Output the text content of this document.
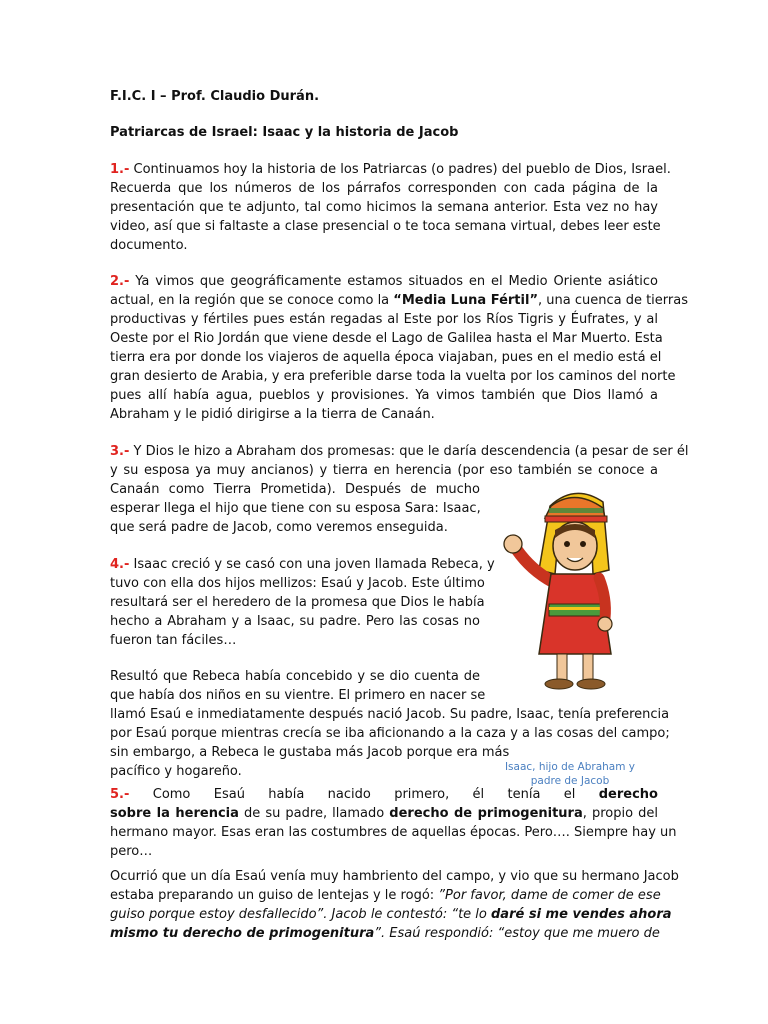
F.I.C. I – Prof. Claudio Durán.
Patriarcas de Israel: Isaac y la historia de Jacob
1.- Continuamos hoy la historia de los Patriarcas (o padres) del pueblo de Dios, Israel.
Recuerda que los números de los párrafos corresponden con cada página de la
presentación que te adjunto, tal como hicimos la semana anterior. Esta vez no hay
video, así que si faltaste a clase presencial o te toca semana virtual, debes leer este
documento.
2.- Ya vimos que geográficamente estamos situados en el Medio Oriente asiático
actual, en la región que se conoce como la “Media Luna Fértil”, una cuenca de tierras
productivas y fértiles pues están regadas al Este por los Ríos Tigris y Éufrates, y al
Oeste por el Rio Jordán que viene desde el Lago de Galilea hasta el Mar Muerto. Esta
tierra era por donde los viajeros de aquella época viajaban, pues en el medio está el
gran desierto de Arabia, y era preferible darse toda la vuelta por los caminos del norte
pues allí había agua, pueblos y provisiones. Ya vimos también que Dios llamó a
Abraham y le pidió dirigirse a la tierra de Canaán.
3.- Y Dios le hizo a Abraham dos promesas: que le daría descendencia (a pesar de ser él
y su esposa ya muy ancianos) y tierra en herencia (por eso también se conoce a
Canaán como Tierra Prometida). Después de mucho
esperar llega el hijo que tiene con su esposa Sara: Isaac,
que será padre de Jacob, como veremos enseguida.
4.- Isaac creció y se casó con una joven llamada Rebeca, y
tuvo con ella dos hijos mellizos: Esaú y Jacob. Este último
resultará ser el heredero de la promesa que Dios le había
hecho a Abraham y a Isaac, su padre. Pero las cosas no
fueron tan fáciles…
Resultó que Rebeca había concebido y se dio cuenta de
que había dos niños en su vientre. El primero en nacer se
llamó Esaú e inmediatamente después nació Jacob. Su padre, Isaac, tenía preferencia
por Esaú porque mientras crecía se iba aficionando a la caza y a las cosas del campo;
sin embargo, a Rebeca le gustaba más Jacob porque era más
pacífico y hogareño.
5.- Como Esaú había nacido primero, él tenía el derecho
sobre la herencia de su padre, llamado derecho de primogenitura, propio del
hermano mayor. Esas eran las costumbres de aquellas épocas. Pero…. Siempre hay un
pero…
Ocurrió que un día Esaú venía muy hambriento del campo, y vio que su hermano Jacob
estaba preparando un guiso de lentejas y le rogó: ”Por favor, dame de comer de ese
guiso porque estoy desfallecido”. Jacob le contestó: “te lo daré si me vendes ahora
mismo tu derecho de primogenitura”. Esaú respondió: “estoy que me muero de
Isaac, hijo de Abraham y padre de Jacob
